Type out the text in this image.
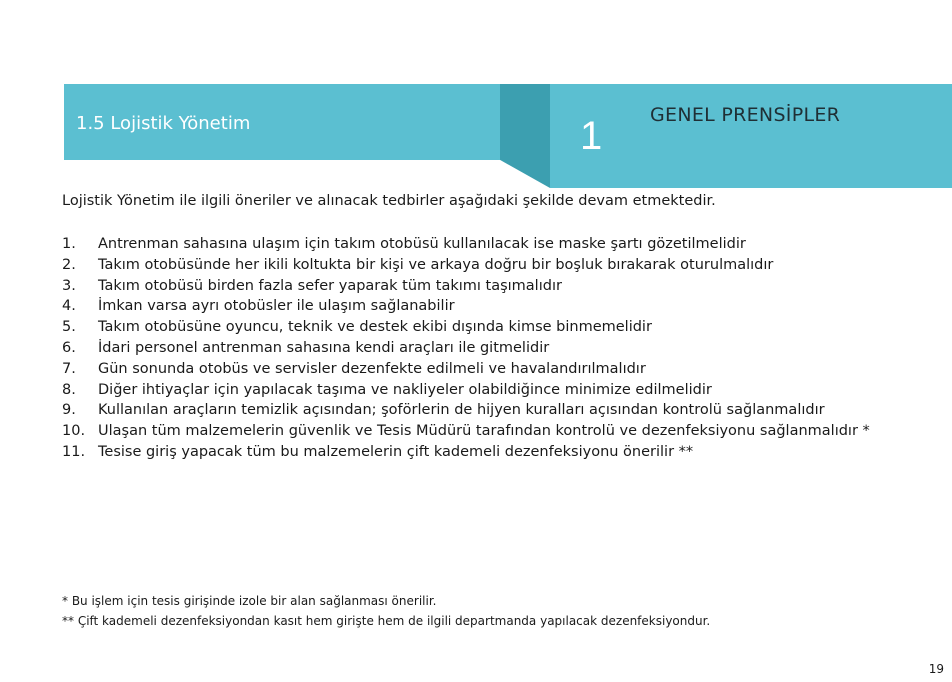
1.5 Lojistik Yönetim	1	GENEL PRENSİPLER
Lojistik Yönetim ile ilgili öneriler ve alınacak tedbirler aşağıdaki şekilde devam etmektedir.
1. Antrenman sahasına ulaşım için takım otobüsü kullanılacak ise maske şartı gözetilmelidir
2. Takım otobüsünde her ikili koltukta bir kişi ve arkaya doğru bir boşluk bırakarak oturulmalıdır
3. Takım otobüsü birden fazla sefer yaparak tüm takımı taşımalıdır
4. İmkan varsa ayrı otobüsler ile ulaşım sağlanabilir
5. Takım otobüsüne oyuncu, teknik ve destek ekibi dışında kimse binmemelidir
6. İdari personel antrenman sahasına kendi araçları ile gitmelidir
7. Gün sonunda otobüs ve servisler dezenfekte edilmeli ve havalandırılmalıdır
8. Diğer ihtiyaçlar için yapılacak taşıma ve nakliyeler olabildiğince minimize edilmelidir
9. Kullanılan araçların temizlik açısından; şoförlerin de hijyen kuralları açısından kontrolü sağlanmalıdır
10. Ulaşan tüm malzemelerin güvenlik ve Tesis Müdürü tarafından kontrolü ve dezenfeksiyonu sağlanmalıdır *
11. Tesise giriş yapacak tüm bu malzemelerin çift kademeli dezenfeksiyonu önerilir **
* Bu işlem için tesis girişinde izole bir alan sağlanması önerilir.
** Çift kademeli dezenfeksiyondan kasıt hem girişte hem de ilgili departmanda yapılacak dezenfeksiyondur.
19
